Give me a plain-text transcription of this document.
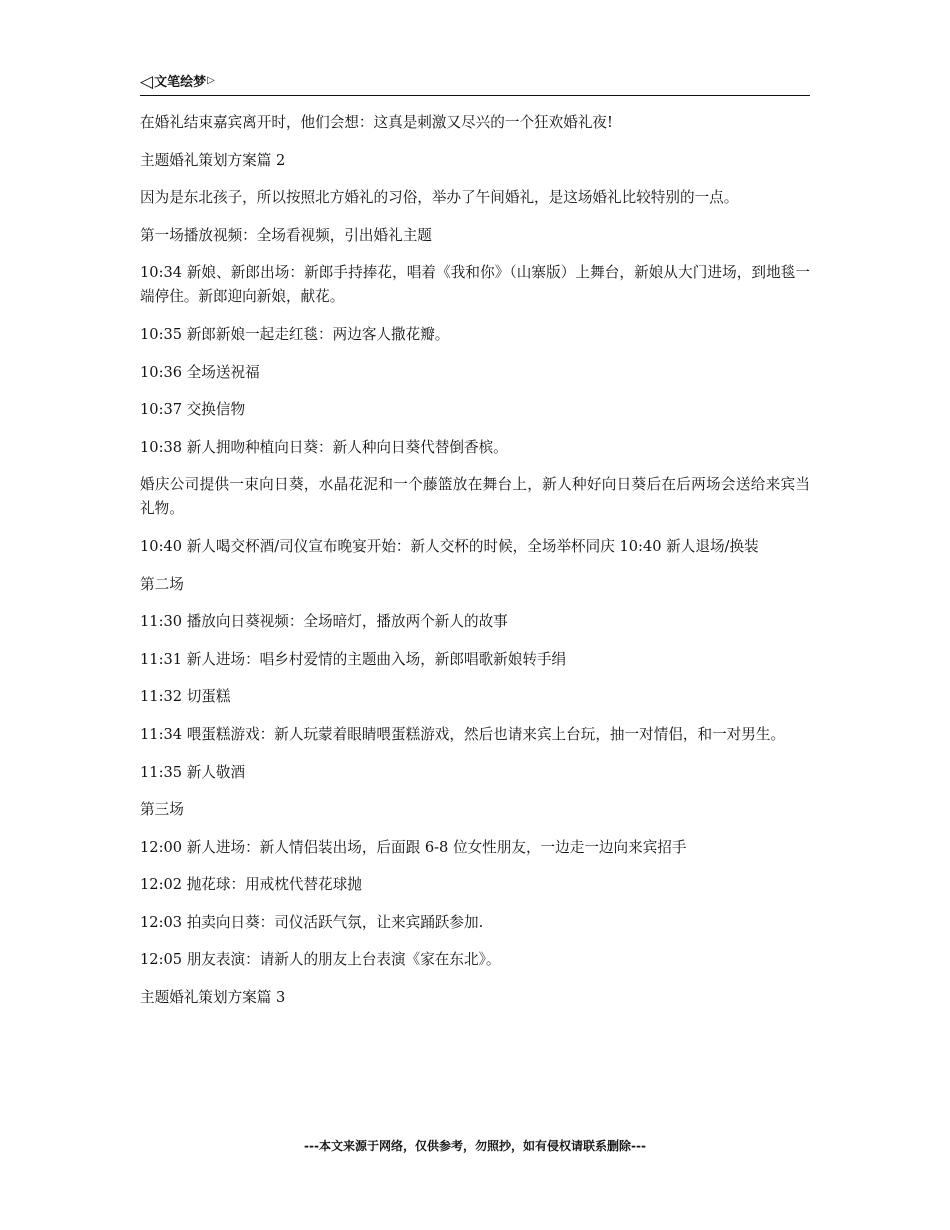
◁文笔绘梦▷

在婚礼结束嘉宾离开时，他们会想：这真是刺激又尽兴的一个狂欢婚礼夜!

主题婚礼策划方案篇 2

因为是东北孩子，所以按照北方婚礼的习俗，举办了午间婚礼，是这场婚礼比较特别的一点。

第一场播放视频：全场看视频，引出婚礼主题

10:34 新娘、新郎出场：新郎手持捧花，唱着《我和你》（山寨版）上舞台，新娘从大门进场，到地毯一端停住。新郎迎向新娘，献花。

10:35 新郎新娘一起走红毯：两边客人撒花瓣。

10:36 全场送祝福

10:37 交换信物

10:38 新人拥吻种植向日葵：新人种向日葵代替倒香槟。

婚庆公司提供一束向日葵，水晶花泥和一个藤篮放在舞台上，新人种好向日葵后在后两场会送给来宾当礼物。

10:40 新人喝交杯酒/司仪宣布晚宴开始：新人交杯的时候，全场举杯同庆 10:40 新人退场/换装

第二场

11:30 播放向日葵视频：全场暗灯，播放两个新人的故事

11:31 新人进场：唱乡村爱情的主题曲入场，新郎唱歌新娘转手绢

11:32 切蛋糕

11:34 喂蛋糕游戏：新人玩蒙着眼睛喂蛋糕游戏，然后也请来宾上台玩，抽一对情侣，和一对男生。

11:35 新人敬酒

第三场

12:00 新人进场：新人情侣装出场，后面跟 6-8 位女性朋友，一边走一边向来宾招手

12:02 抛花球：用戒枕代替花球抛

12:03 拍卖向日葵：司仪活跃气氛，让来宾踊跃参加.

12:05 朋友表演：请新人的朋友上台表演《家在东北》。

主题婚礼策划方案篇 3

---本文来源于网络，仅供参考，勿照抄，如有侵权请联系删除---
